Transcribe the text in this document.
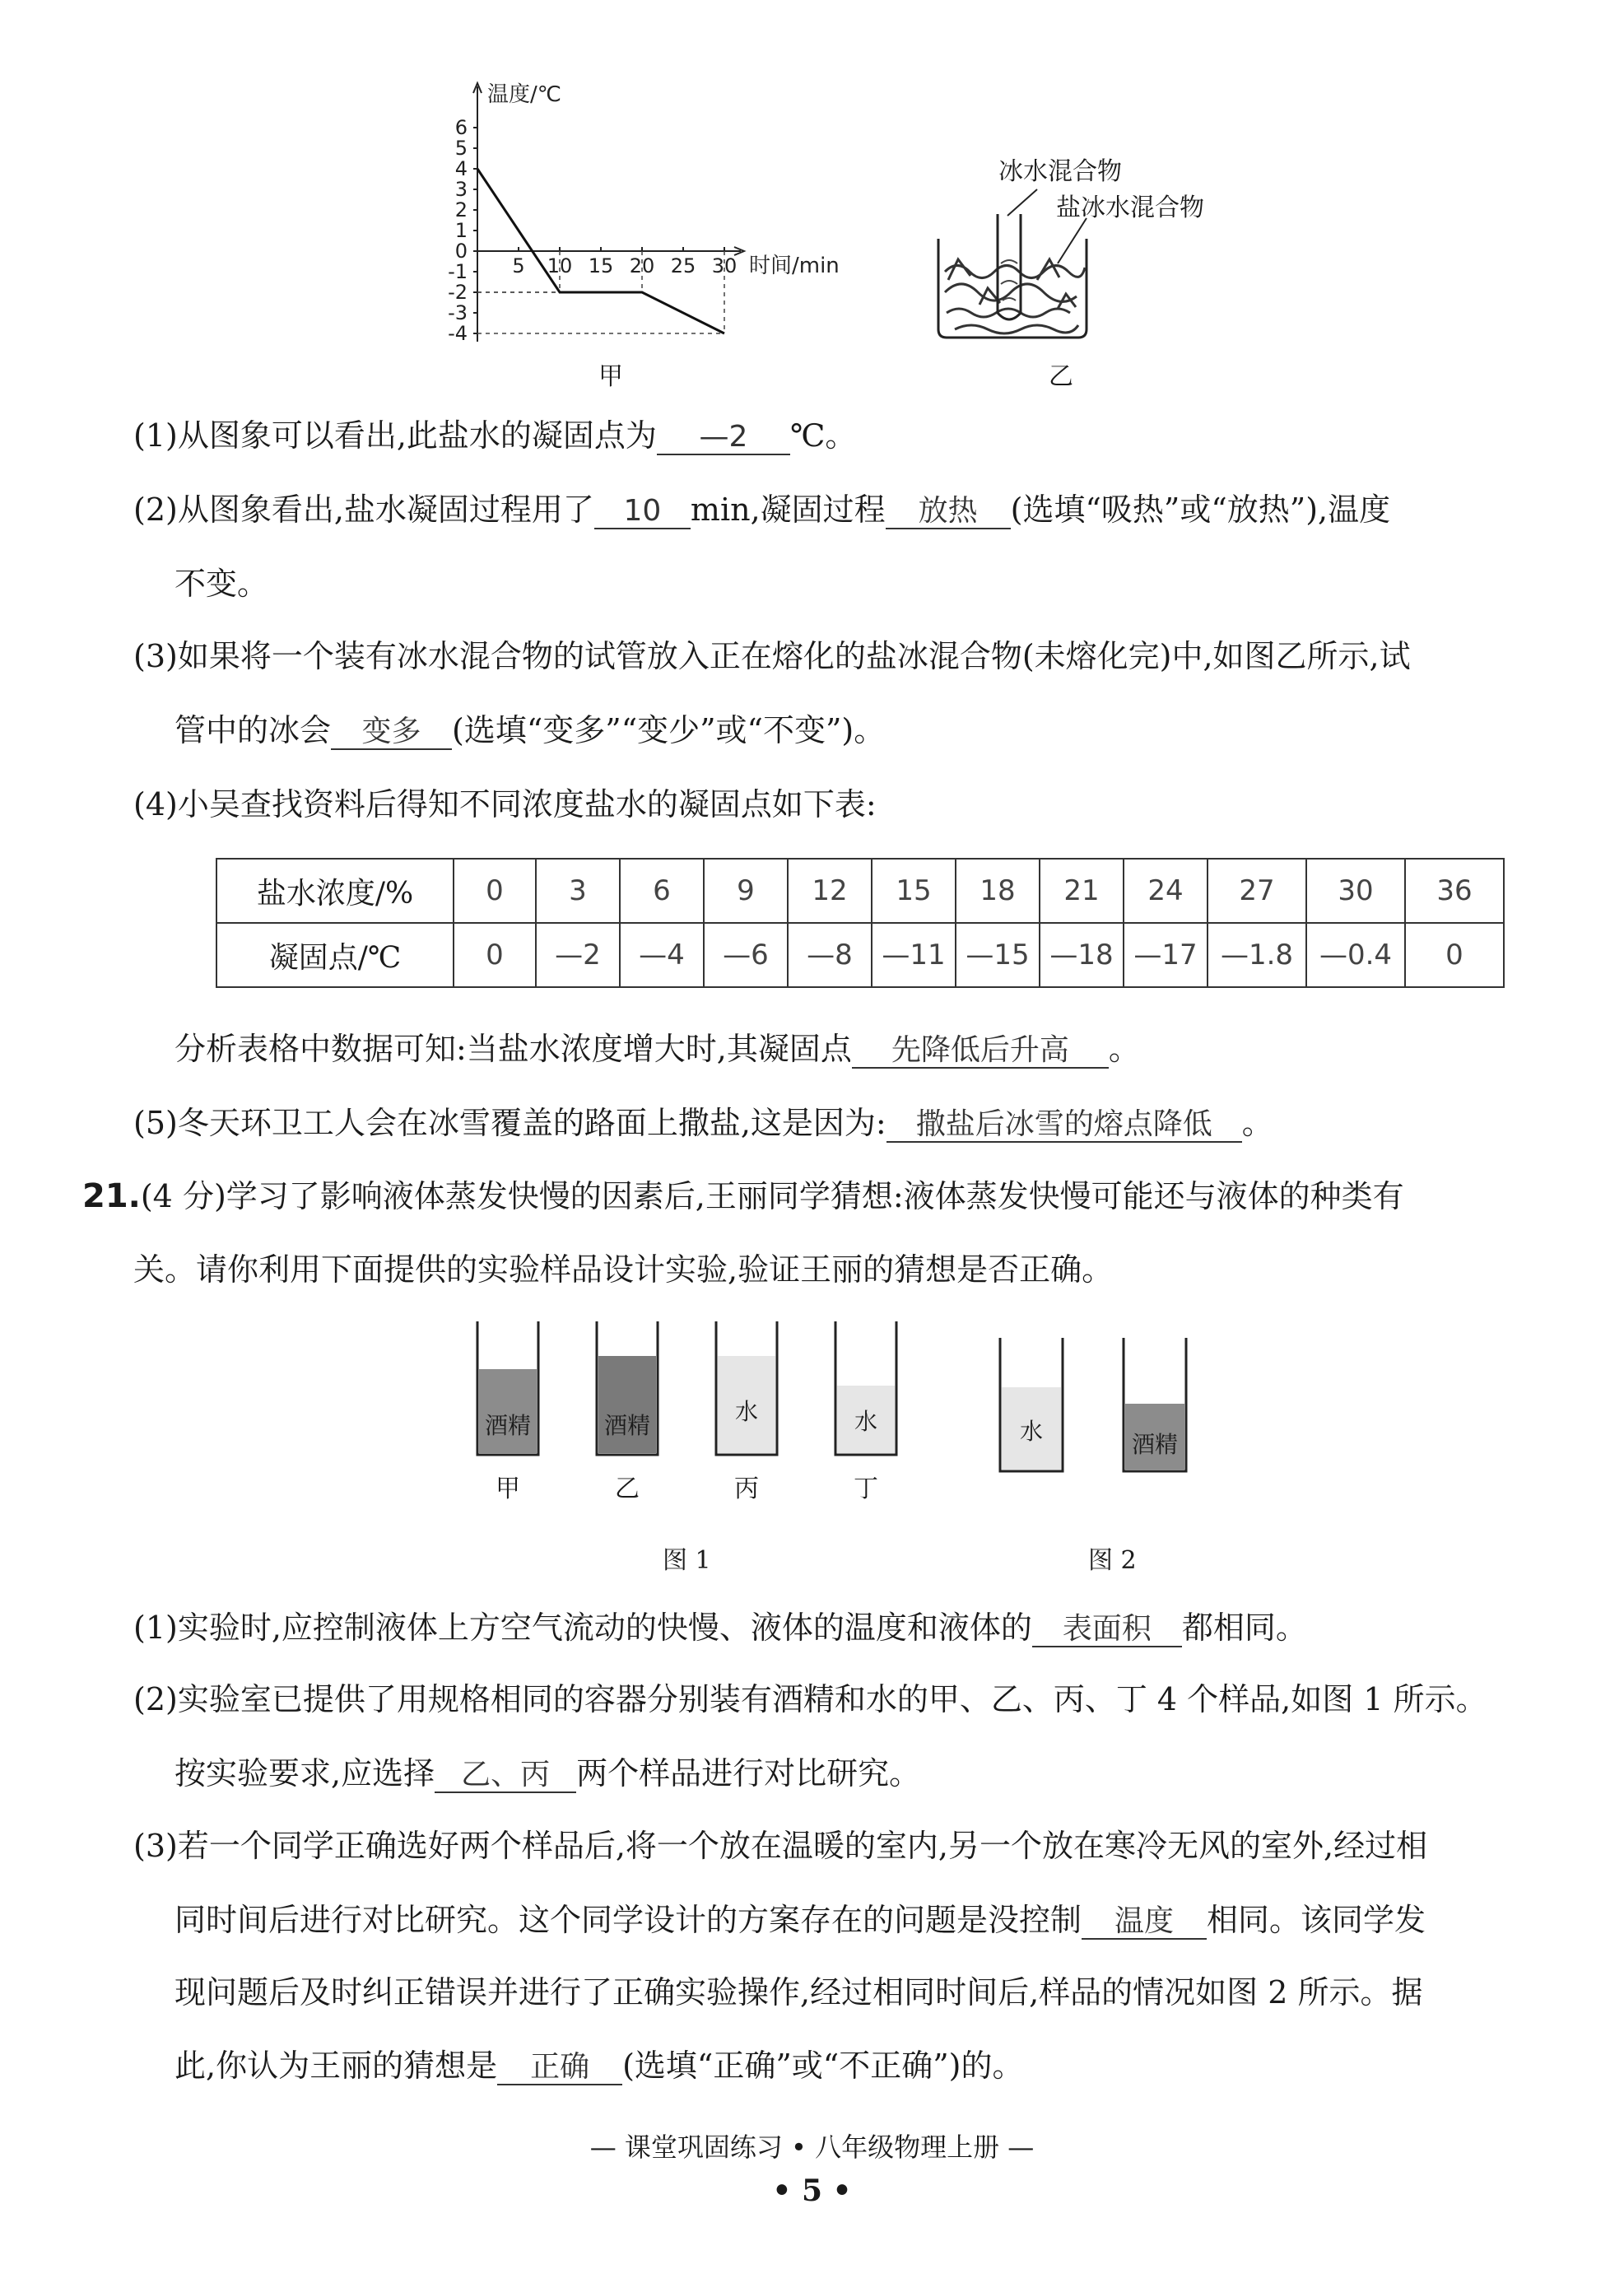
温度/℃
时间/min
6
5
4
3
2
1
0
-1
-2
-3
-4
5 10 15 20 25 30
甲
冰水混合物
盐冰水混合物
乙
(1)从图象可以看出,此盐水的凝固点为 —2 ℃。
(2)从图象看出,盐水凝固过程用了 10 min,凝固过程 放热 (选填“吸热”或“放热”),温度
不变。
(3)如果将一个装有冰水混合物的试管放入正在熔化的盐冰混合物(未熔化完)中,如图乙所示,试
管中的冰会 变多 (选填“变多”“变少”或“不变”)。
(4)小吴查找资料后得知不同浓度盐水的凝固点如下表:
盐水浓度/%	0	3	6	9	12	15	18	21	24	27	30	36
凝固点/℃	0	—2	—4	—6	—8	—11	—15	—18	—17	—1.8	—0.4	0
分析表格中数据可知:当盐水浓度增大时,其凝固点 先降低后升高 。
(5)冬天环卫工人会在冰雪覆盖的路面上撒盐,这是因为: 撒盐后冰雪的熔点降低 。
21.(4 分)学习了影响液体蒸发快慢的因素后,王丽同学猜想:液体蒸发快慢可能还与液体的种类有
关。请你利用下面提供的实验样品设计实验,验证王丽的猜想是否正确。
酒精	酒精
水	水
甲	乙	丙	丁
图 1
水	酒精
图 2
(1)实验时,应控制液体上方空气流动的快慢、液体的温度和液体的 表面积 都相同。
(2)实验室已提供了用规格相同的容器分别装有酒精和水的甲、乙、丙、丁 4 个样品,如图 1 所示。
按实验要求,应选择 乙、丙 两个样品进行对比研究。
(3)若一个同学正确选好两个样品后,将一个放在温暖的室内,另一个放在寒冷无风的室外,经过相
同时间后进行对比研究。这个同学设计的方案存在的问题是没控制 温度 相同。该同学发
现问题后及时纠正错误并进行了正确实验操作,经过相同时间后,样品的情况如图 2 所示。据
此,你认为王丽的猜想是 正确 (选填“正确”或“不正确”)的。
— 课堂巩固练习 • 八年级物理上册 —
• 5 •
